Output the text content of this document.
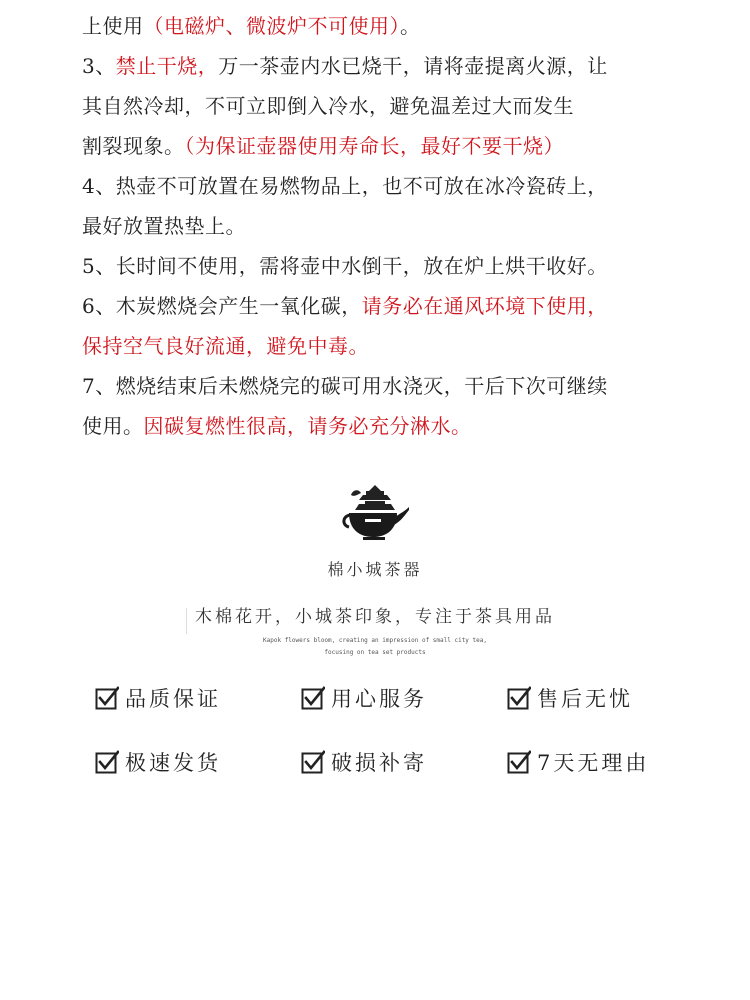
上使用（电磁炉、微波炉不可使用）。
3、禁止干烧，万一茶壶内水已烧干，请将壶提离火源，让
其自然冷却，不可立即倒入冷水，避免温差过大而发生
割裂现象。（为保证壶器使用寿命长，最好不要干烧）
4、热壶不可放置在易燃物品上，也不可放在冰冷瓷砖上，
最好放置热垫上。
5、长时间不使用，需将壶中水倒干，放在炉上烘干收好。
6、木炭燃烧会产生一氧化碳，请务必在通风环境下使用，
保持空气良好流通，避免中毒。
7、燃烧结束后未燃烧完的碳可用水浇灭，干后下次可继续
使用。因碳复燃性很高，请务必充分淋水。
棉小城茶器
木棉花开，小城茶印象，专注于茶具用品
Kapok flowers bloom, creating an impression of small city tea,
focusing on tea set products
品质保证	用心服务	售后无忧
极速发货	破损补寄	7天无理由
